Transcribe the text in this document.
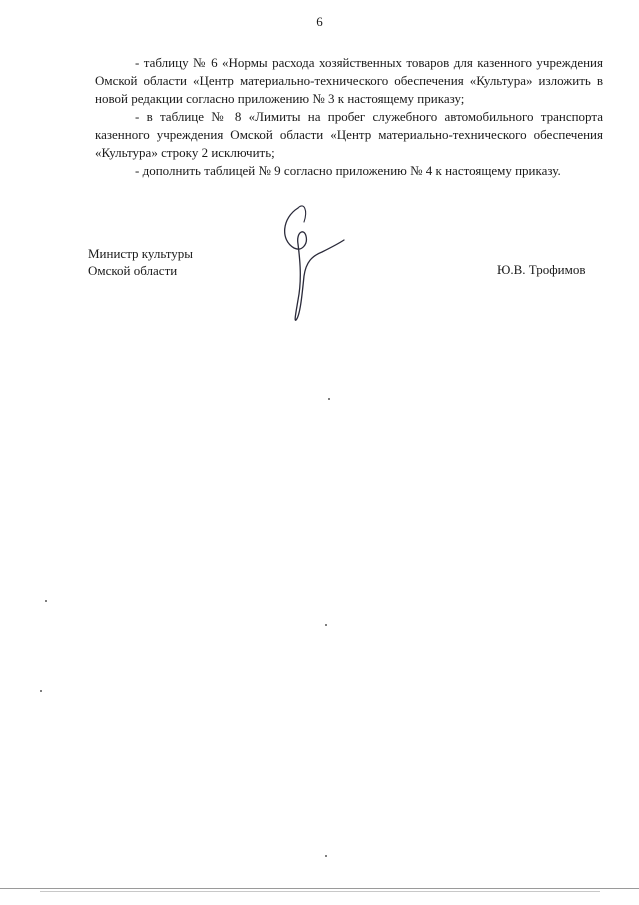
6

- таблицу № 6 «Нормы расхода хозяйственных товаров для казенного учреждения Омской области «Центр материально-технического обеспечения «Культура» изложить в новой редакции согласно приложению № 3 к настоящему приказу;

- в таблице № 8 «Лимиты на пробег служебного автомобильного транспорта казенного учреждения Омской области «Центр материально-технического обеспечения «Культура» строку 2 исключить;

- дополнить таблицей № 9 согласно приложению № 4 к настоящему приказу.

Министр культуры
Омской области	Ю.В. Трофимов
